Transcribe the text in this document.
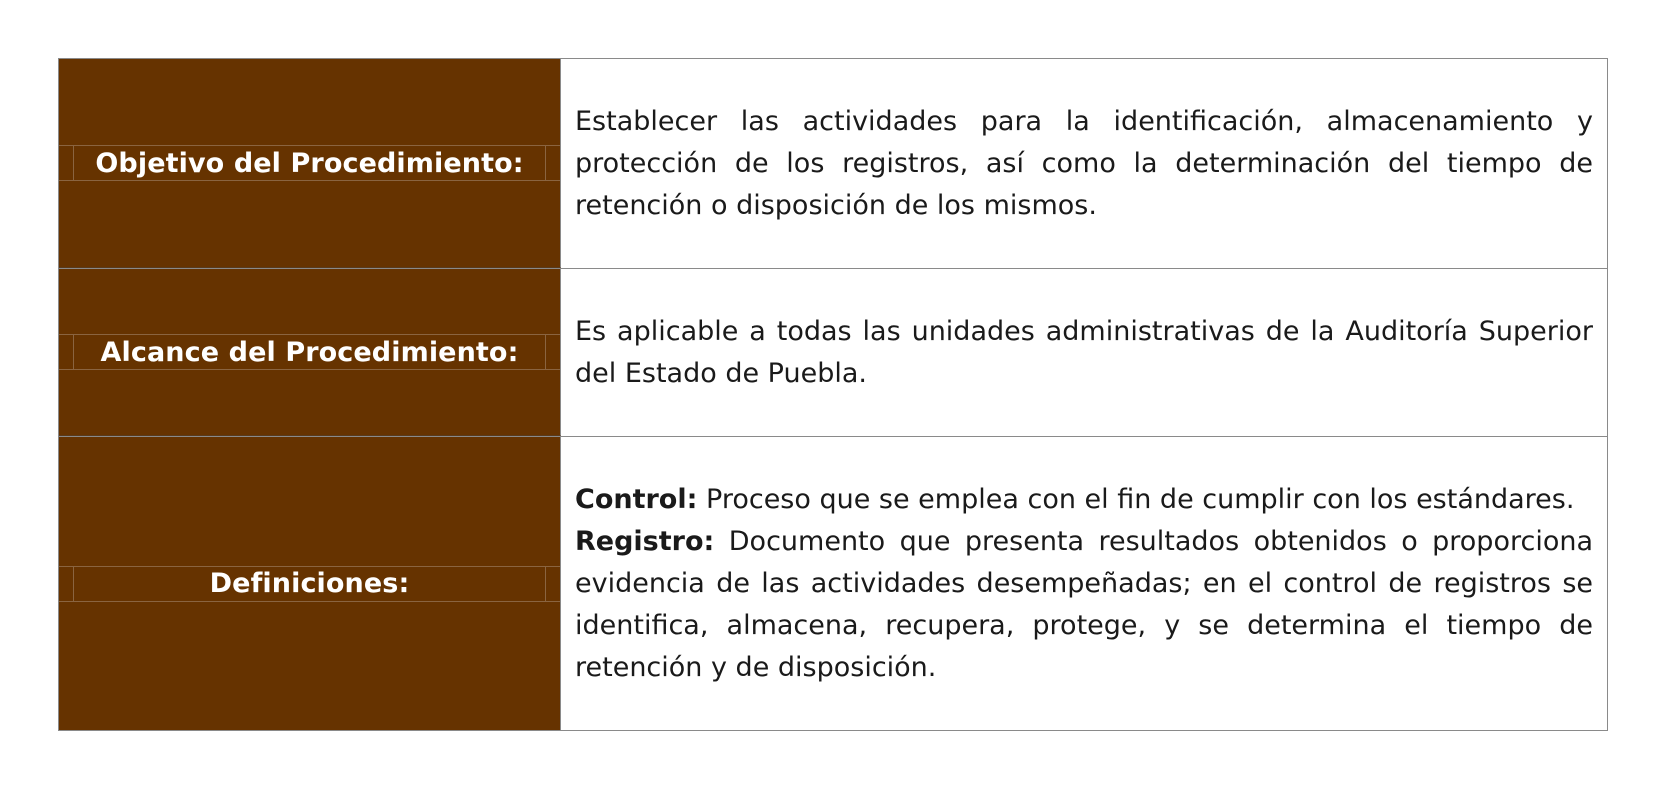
Objetivo del Procedimiento:
Establecer las actividades para la identificación, almacenamiento y protección de los registros, así como la determinación del tiempo de retención o disposición de los mismos.
Alcance del Procedimiento:
Es aplicable a todas las unidades administrativas de la Auditoría Superior del Estado de Puebla.
Definiciones:

Control: Proceso que se emplea con el fin de cumplir con los estándares.

Registro: Documento que presenta resultados obtenidos o proporciona evidencia de las actividades desempeñadas; en el control de registros se identifica, almacena, recupera, protege, y se determina el tiempo de retención y de disposición.
